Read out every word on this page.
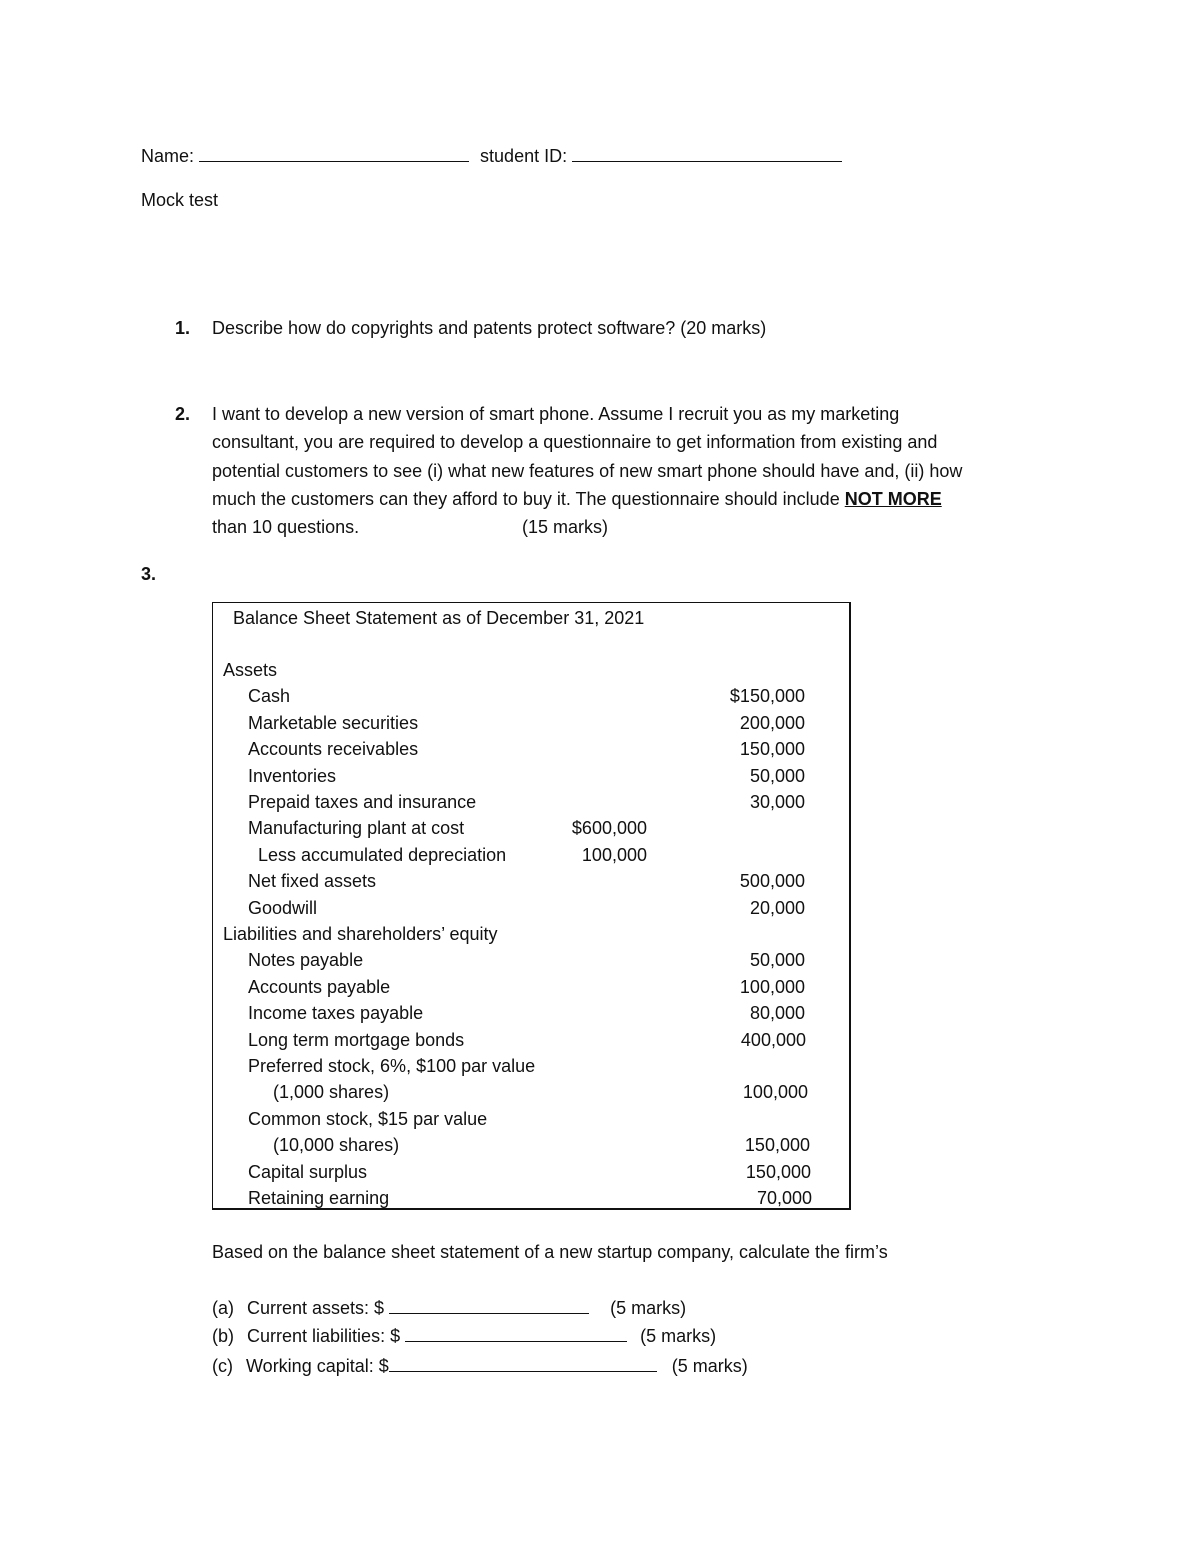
Name:	student ID:
Mock test
1. Describe how do copyrights and patents protect software? (20 marks)
2. I want to develop a new version of smart phone. Assume I recruit you as my marketing
consultant, you are required to develop a questionnaire to get information from existing and
potential customers to see (i) what new features of new smart phone should have and, (ii) how
much the customers can they afford to buy it. The questionnaire should include NOT MORE
than 10 questions.	(15 marks)
3.
Balance Sheet Statement as of December 31, 2021
Assets
Cash	$150,000
Marketable securities	200,000
Accounts receivables	150,000
Inventories	50,000
Prepaid taxes and insurance	30,000
Manufacturing plant at cost	$600,000
Less accumulated depreciation	100,000
Net fixed assets	500,000
Goodwill	20,000
Liabilities and shareholders’ equity
Notes payable	50,000
Accounts payable	100,000
Income taxes payable	80,000
Long term mortgage bonds	400,000
Preferred stock, 6%, $100 par value
(1,000 shares)	100,000
Common stock, $15 par value
(10,000 shares)	150,000
Capital surplus	150,000
Retaining earning	70,000
Based on the balance sheet statement of a new startup company, calculate the firm’s
(a) Current assets: $	(5 marks)
(b) Current liabilities: $	(5 marks)
(c) Working capital: $	(5 marks)
